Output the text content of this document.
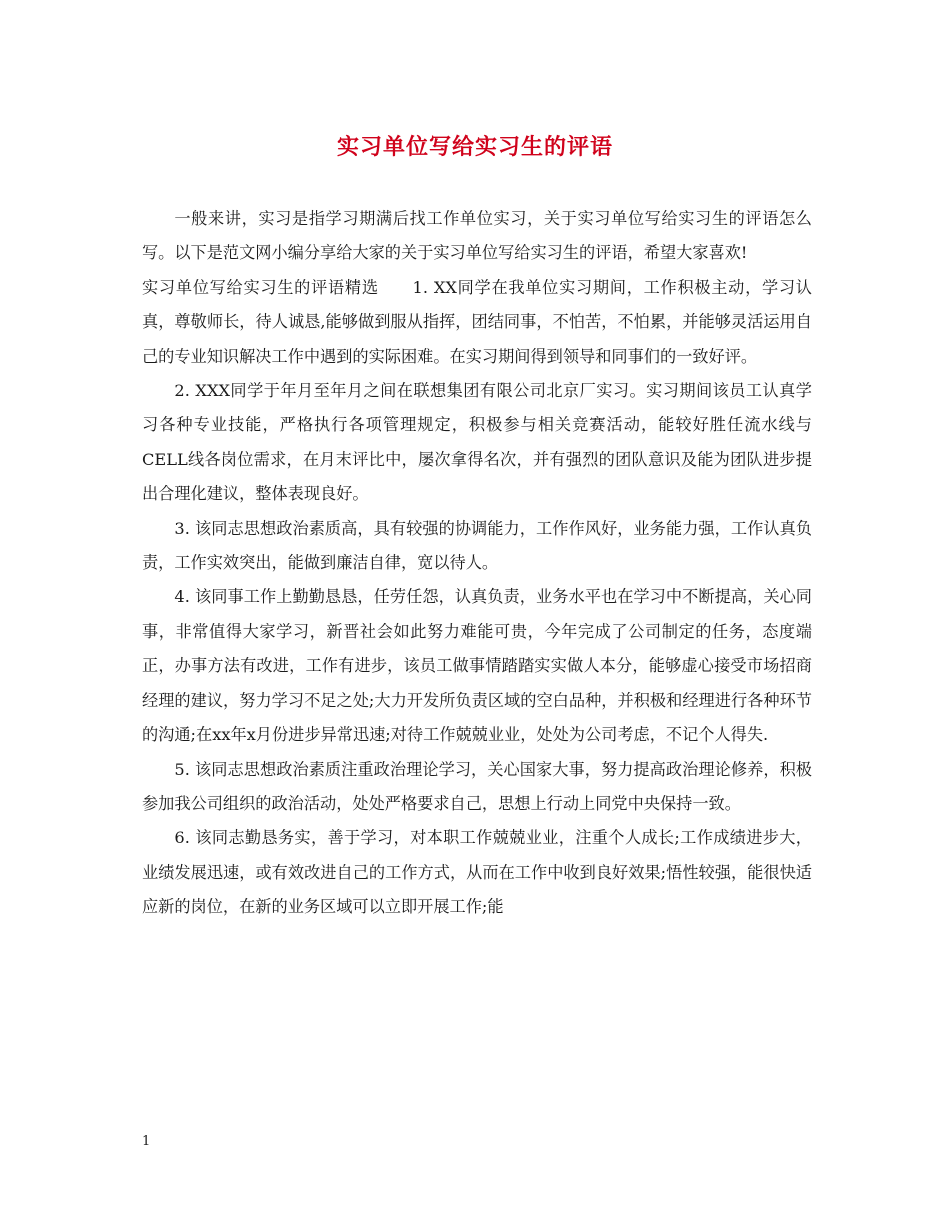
实习单位写给实习生的评语

一般来讲，实习是指学习期满后找工作单位实习，关于实习单位写给实习生的评语怎么写。以下是范文网小编分享给大家的关于实习单位写给实习生的评语，希望大家喜欢!

实习单位写给实习生的评语精选　　1. XX同学在我单位实习期间，工作积极主动，学习认真，尊敬师长，待人诚恳,能够做到服从指挥，团结同事，不怕苦，不怕累，并能够灵活运用自己的专业知识解决工作中遇到的实际困难。在实习期间得到领导和同事们的一致好评。

2. XXX同学于年月至年月之间在联想集团有限公司北京厂实习。实习期间该员工认真学习各种专业技能，严格执行各项管理规定，积极参与相关竞赛活动，能较好胜任流水线与CELL线各岗位需求，在月末评比中，屡次拿得名次，并有强烈的团队意识及能为团队进步提出合理化建议，整体表现良好。

3. 该同志思想政治素质高，具有较强的协调能力，工作作风好，业务能力强，工作认真负责，工作实效突出，能做到廉洁自律，宽以待人。

4. 该同事工作上勤勤恳恳，任劳任怨，认真负责，业务水平也在学习中不断提高，关心同事，非常值得大家学习，新晋社会如此努力难能可贵，今年完成了公司制定的任务，态度端正，办事方法有改进，工作有进步，该员工做事情踏踏实实做人本分，能够虚心接受市场招商经理的建议，努力学习不足之处;大力开发所负责区域的空白品种，并积极和经理进行各种环节的沟通;在xx年x月份进步异常迅速;对待工作兢兢业业，处处为公司考虑，不记个人得失.

5. 该同志思想政治素质注重政治理论学习，关心国家大事，努力提高政治理论修养，积极参加我公司组织的政治活动，处处严格要求自己，思想上行动上同党中央保持一致。

6. 该同志勤恳务实，善于学习，对本职工作兢兢业业，注重个人成长;工作成绩进步大，业绩发展迅速，或有效改进自己的工作方式，从而在工作中收到良好效果;悟性较强，能很快适应新的岗位，在新的业务区域可以立即开展工作;能

1
